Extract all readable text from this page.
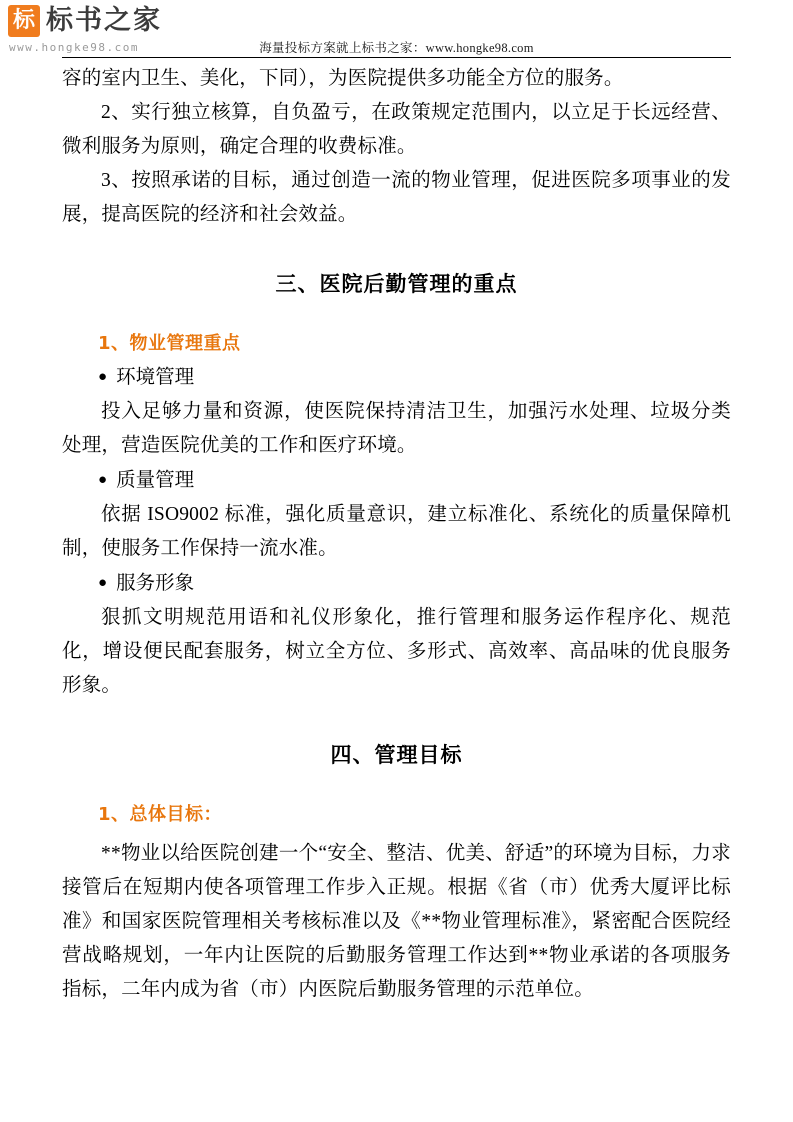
标 标书之家
www.hongke98.com	海量投标方案就上标书之家：www.hongke98.com

容的室内卫生、美化，下同），为医院提供多功能全方位的服务。

2、实行独立核算，自负盈亏，在政策规定范围内，以立足于长远经营、微利服务为原则，确定合理的收费标准。

3、按照承诺的目标，通过创造一流的物业管理，促进医院多项事业的发展，提高医院的经济和社会效益。

三、医院后勤管理的重点
1、物业管理重点

● 环境管理

投入足够力量和资源，使医院保持清洁卫生，加强污水处理、垃圾分类处理，营造医院优美的工作和医疗环境。

● 质量管理

依据 ISO9002 标准，强化质量意识，建立标准化、系统化的质量保障机制，使服务工作保持一流水准。

● 服务形象

狠抓文明规范用语和礼仪形象化，推行管理和服务运作程序化、规范化，增设便民配套服务，树立全方位、多形式、高效率、高品味的优良服务形象。

四、管理目标
1、总体目标：

**物业以给医院创建一个“安全、整洁、优美、舒适”的环境为目标，力求接管后在短期内使各项管理工作步入正规。根据《省（市）优秀大厦评比标准》和国家医院管理相关考核标准以及《**物业管理标准》，紧密配合医院经营战略规划，一年内让医院的后勤服务管理工作达到**物业承诺的各项服务指标，二年内成为省（市）内医院后勤服务管理的示范单位。
